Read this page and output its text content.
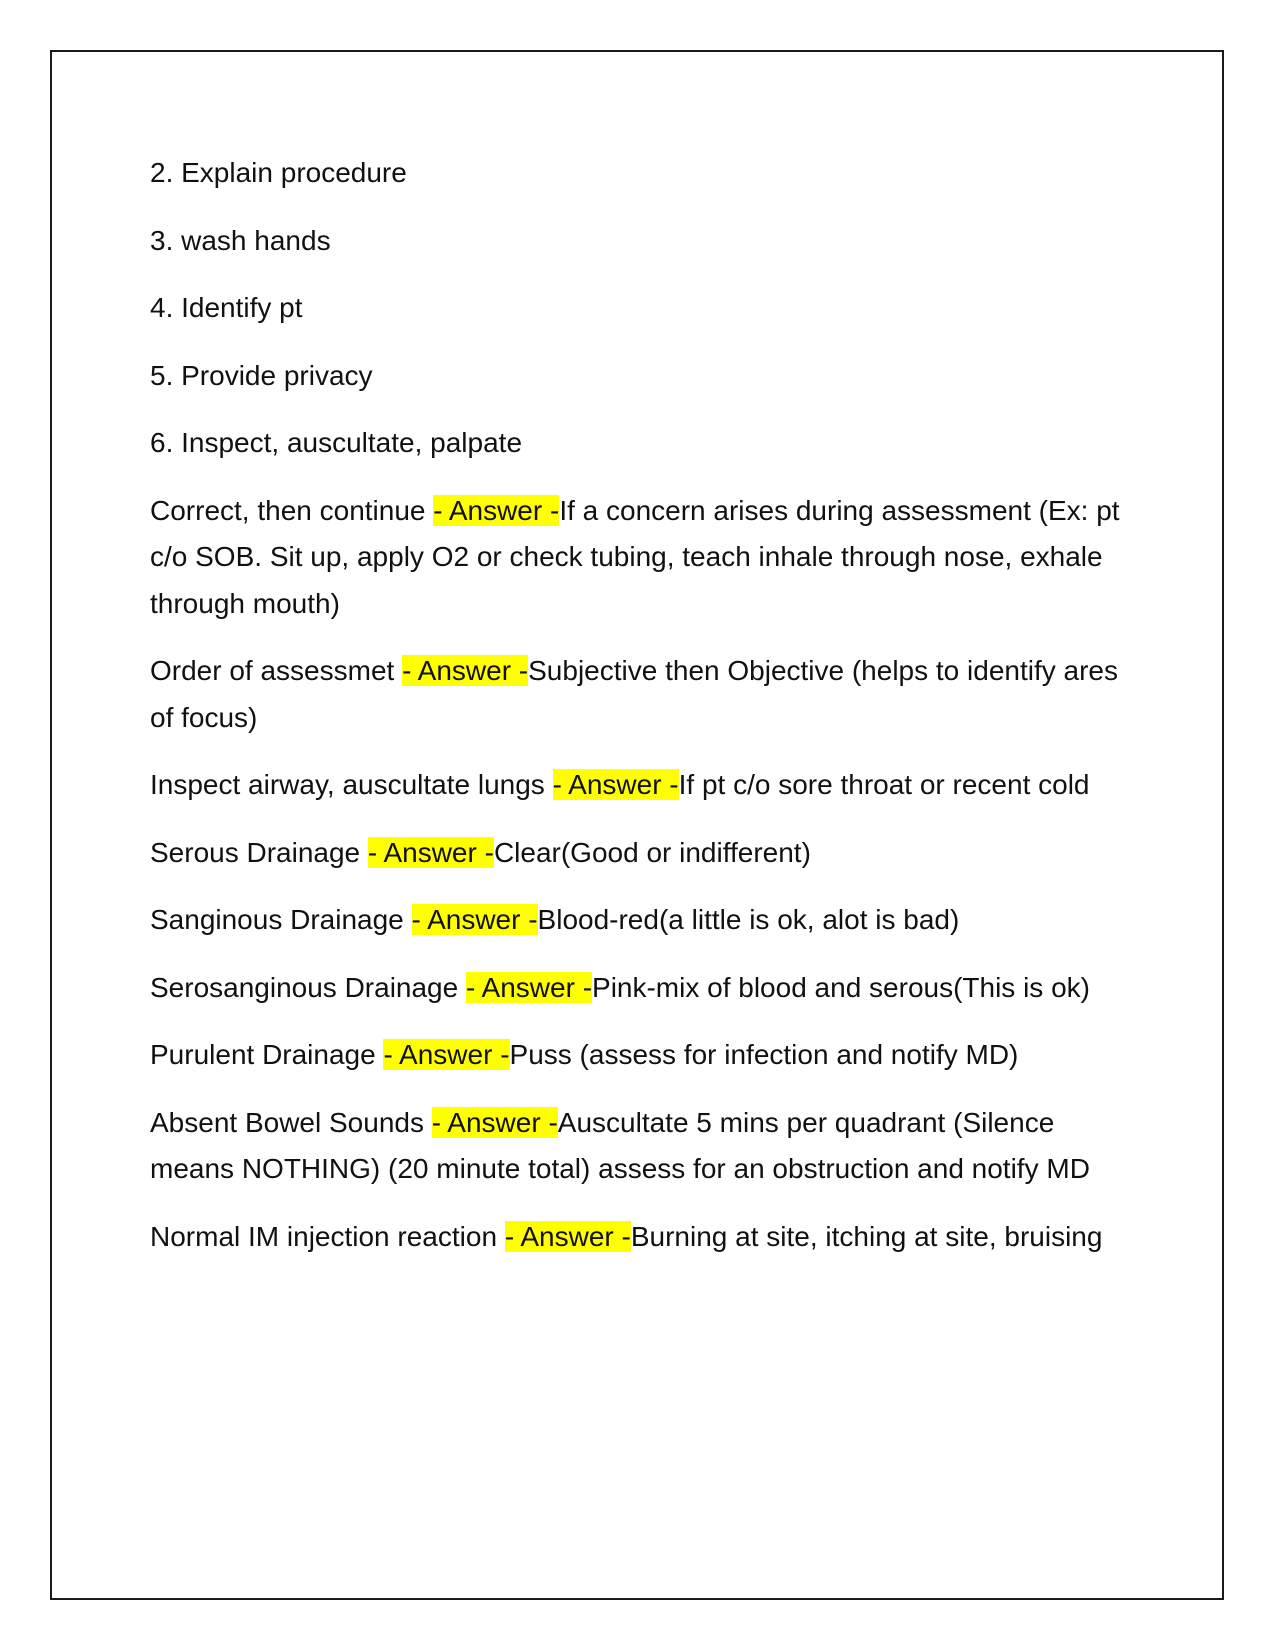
2. Explain procedure

3. wash hands

4. Identify pt

5. Provide privacy

6. Inspect, auscultate, palpate

Correct, then continue - Answer -If a concern arises during assessment (Ex: pt c/o SOB. Sit up, apply O2 or check tubing, teach inhale through nose, exhale through mouth)

Order of assessmet - Answer -Subjective then Objective (helps to identify ares of focus)

Inspect airway, auscultate lungs - Answer -If pt c/o sore throat or recent cold

Serous Drainage - Answer -Clear(Good or indifferent)

Sanginous Drainage - Answer -Blood-red(a little is ok, alot is bad)

Serosanginous Drainage - Answer -Pink-mix of blood and serous(This is ok)

Purulent Drainage - Answer -Puss (assess for infection and notify MD)

Absent Bowel Sounds - Answer -Auscultate 5 mins per quadrant (Silence means NOTHING) (20 minute total) assess for an obstruction and notify MD

Normal IM injection reaction - Answer -Burning at site, itching at site, bruising
